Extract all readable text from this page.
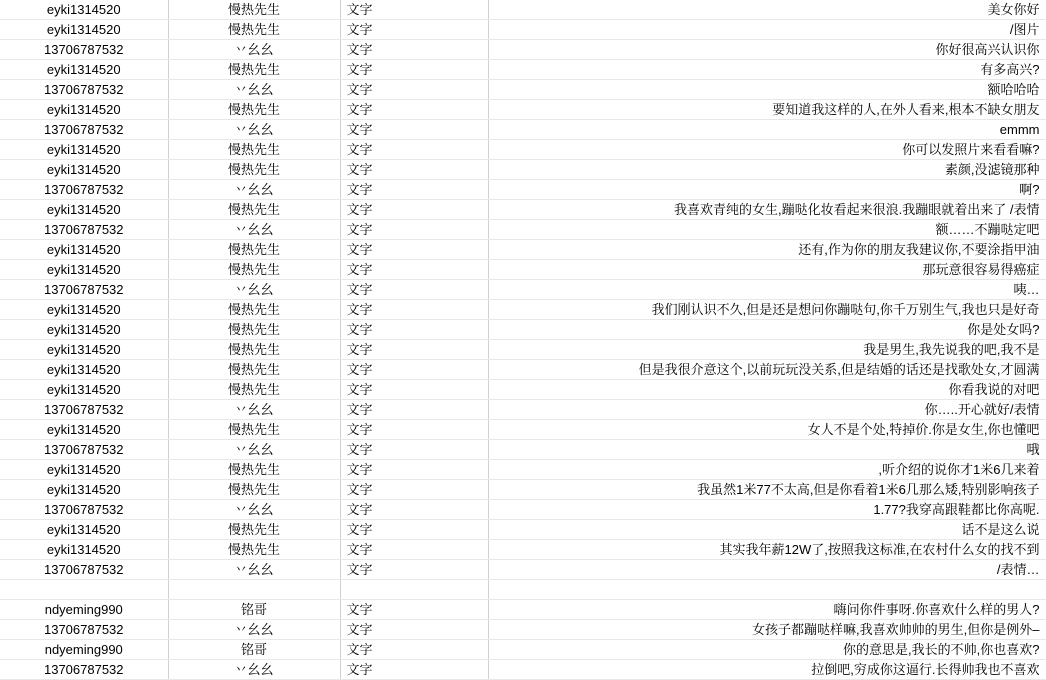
eyki1314520	慢热先生	文字	美女你好
eyki1314520	慢热先生	文字	/图片
13706787532	丷幺幺	文字	你好很高兴认识你
eyki1314520	慢热先生	文字	有多高兴?
13706787532	丷幺幺	文字	额哈哈哈
eyki1314520	慢热先生	文字	要知道我这样的人,在外人看来,根本不缺女朋友
13706787532	丷幺幺	文字	emmm
eyki1314520	慢热先生	文字	你可以发照片来看看嘛?
eyki1314520	慢热先生	文字	素颜,没滤镜那种
13706787532	丷幺幺	文字	啊?
eyki1314520	慢热先生	文字	我喜欢青纯的女生,蹦哒化妆看起来很浪.我蹦眼就着出来了 /表情
13706787532	丷幺幺	文字	额……不蹦哒定吧
eyki1314520	慢热先生	文字	还有,作为你的朋友我建议你,不要涂指甲油
eyki1314520	慢热先生	文字	那玩意很容易得癌症
13706787532	丷幺幺	文字	咦…
eyki1314520	慢热先生	文字	我们刚认识不久,但是还是想问你蹦哒句,你千万别生气,我也只是好奇
eyki1314520	慢热先生	文字	你是处女吗?
eyki1314520	慢热先生	文字	我是男生,我先说我的吧,我不是
eyki1314520	慢热先生	文字	但是我很介意这个,以前玩玩没关系,但是结婚的话还是找歌处女,才圆满
eyki1314520	慢热先生	文字	你看我说的对吧
13706787532	丷幺幺	文字	你…..开心就好/表情
eyki1314520	慢热先生	文字	女人不是个处,特掉价.你是女生,你也懂吧
13706787532	丷幺幺	文字	哦
eyki1314520	慢热先生	文字	,听介绍的说你才1米6几来着
eyki1314520	慢热先生	文字	我虽然1米77不太高,但是你看着1米6几那么矮,特别影响孩子
13706787532	丷幺幺	文字	1.77?我穿高跟鞋都比你高呢.
eyki1314520	慢热先生	文字	话不是这么说
eyki1314520	慢热先生	文字	其实我年薪12W了,按照我这标准,在农村什么女的找不到
13706787532	丷幺幺	文字	/表情…

ndyeming990	铭哥	文字	嗨问你件事呀.你喜欢什么样的男人?
13706787532	丷幺幺	文字	女孩子都蹦哒样嘛,我喜欢帅帅的男生,但你是例外–
ndyeming990	铭哥	文字	你的意思是,我长的不帅,你也喜欢?
13706787532	丷幺幺	文字	拉倒吧,穷成你这逼行.长得帅我也不喜欢
